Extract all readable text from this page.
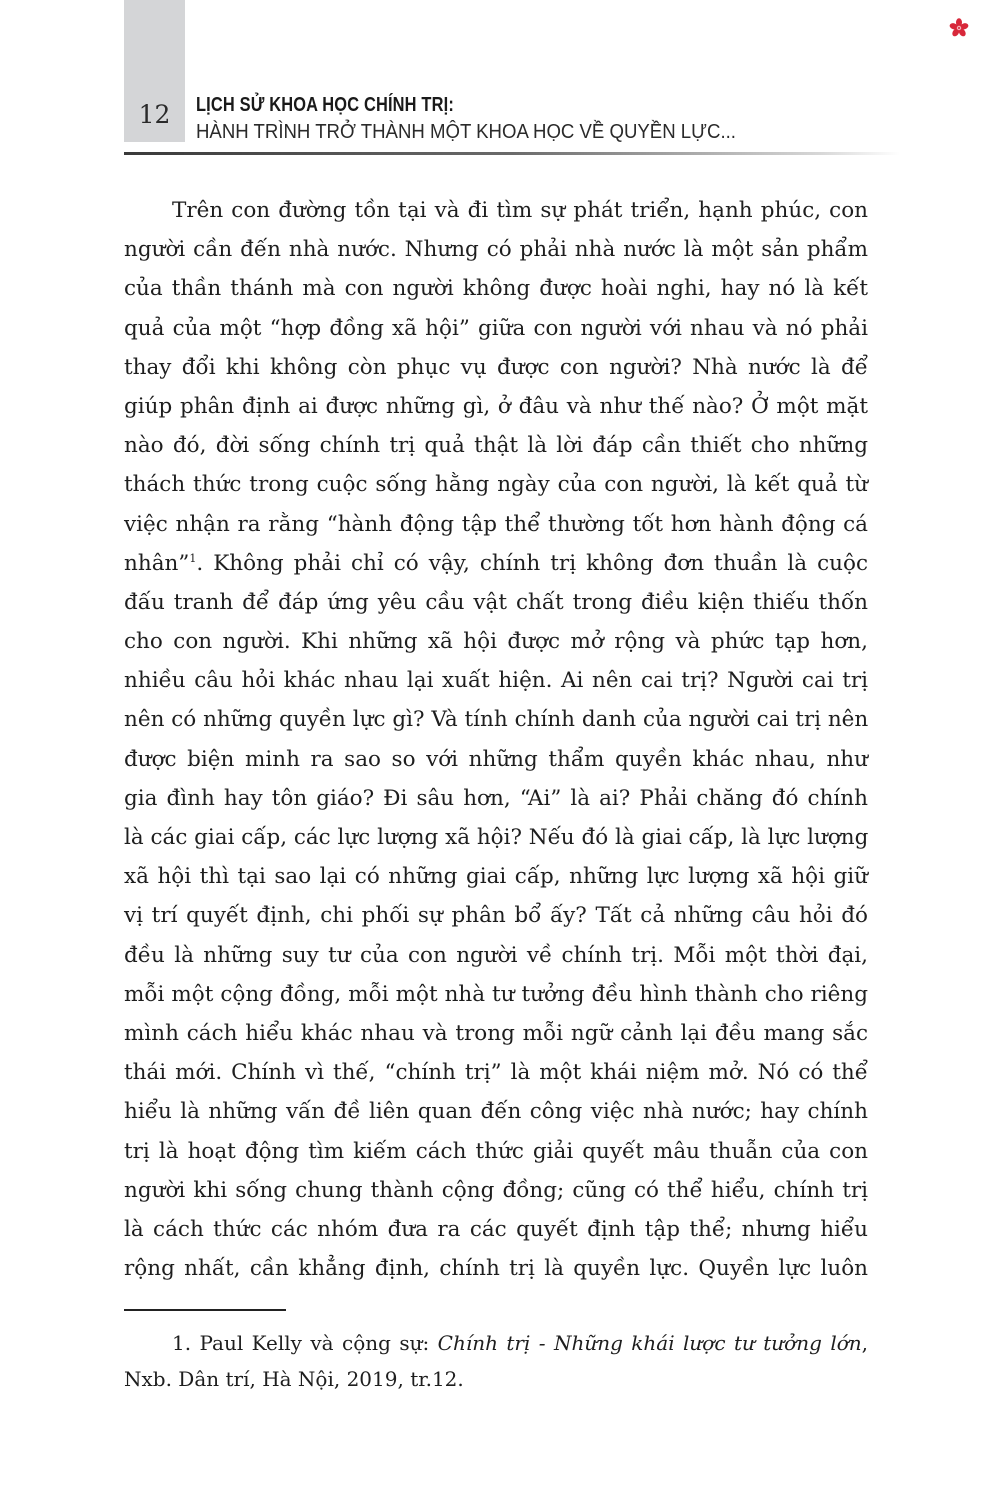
12	LỊCH SỬ KHOA HỌC CHÍNH TRỊ:
HÀNH TRÌNH TRỞ THÀNH MỘT KHOA HỌC VỀ QUYỀN LỰC...
Trên con đường tồn tại và đi tìm sự phát triển, hạnh phúc, con
người cần đến nhà nước. Nhưng có phải nhà nước là một sản phẩm
của thần thánh mà con người không được hoài nghi, hay nó là kết
quả của một “hợp đồng xã hội” giữa con người với nhau và nó phải
thay đổi khi không còn phục vụ được con người? Nhà nước là để
giúp phân định ai được những gì, ở đâu và như thế nào? Ở một mặt
nào đó, đời sống chính trị quả thật là lời đáp cần thiết cho những
thách thức trong cuộc sống hằng ngày của con người, là kết quả từ
việc nhận ra rằng “hành động tập thể thường tốt hơn hành động cá
nhân”$^1$. Không phải chỉ có vậy, chính trị không đơn thuần là cuộc
đấu tranh để đáp ứng yêu cầu vật chất trong điều kiện thiếu thốn
cho con người. Khi những xã hội được mở rộng và phức tạp hơn,
nhiều câu hỏi khác nhau lại xuất hiện. Ai nên cai trị? Người cai trị
nên có những quyền lực gì? Và tính chính danh của người cai trị nên
được biện minh ra sao so với những thẩm quyền khác nhau, như
gia đình hay tôn giáo? Đi sâu hơn, “Ai” là ai? Phải chăng đó chính
là các giai cấp, các lực lượng xã hội? Nếu đó là giai cấp, là lực lượng
xã hội thì tại sao lại có những giai cấp, những lực lượng xã hội giữ
vị trí quyết định, chi phối sự phân bổ ấy? Tất cả những câu hỏi đó
đều là những suy tư của con người về chính trị. Mỗi một thời đại,
mỗi một cộng đồng, mỗi một nhà tư tưởng đều hình thành cho riêng
mình cách hiểu khác nhau và trong mỗi ngữ cảnh lại đều mang sắc
thái mới. Chính vì thế, “chính trị” là một khái niệm mở. Nó có thể
hiểu là những vấn đề liên quan đến công việc nhà nước; hay chính
trị là hoạt động tìm kiếm cách thức giải quyết mâu thuẫn của con
người khi sống chung thành cộng đồng; cũng có thể hiểu, chính trị
là cách thức các nhóm đưa ra các quyết định tập thể; nhưng hiểu
rộng nhất, cần khẳng định, chính trị là quyền lực. Quyền lực luôn
1. Paul Kelly và cộng sự: Chính trị - Những khái lược tư tưởng lớn,
Nxb. Dân trí, Hà Nội, 2019, tr.12.
